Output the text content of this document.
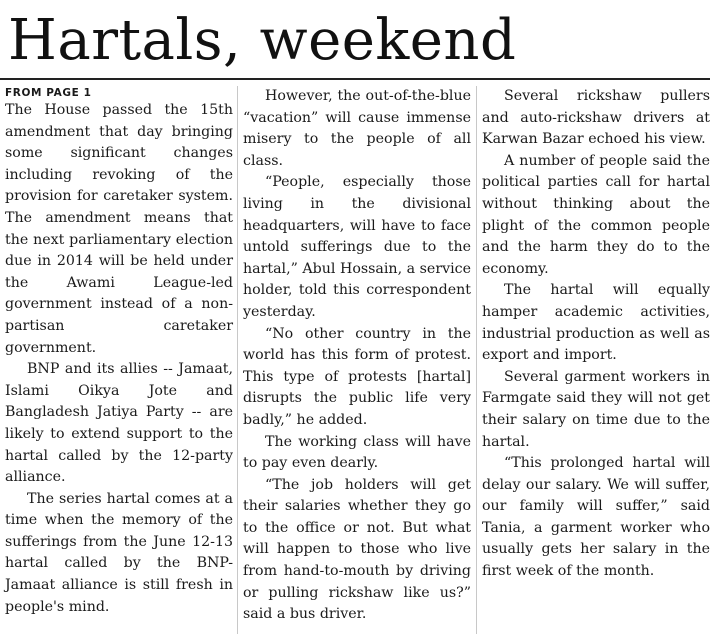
Hartals, weekend
FROM PAGE 1

The House passed the 15th amendment that day bringing some significant changes including revoking of the provision for caretaker system. The amendment means that the next parliamentary election due in 2014 will be held under the Awami League-led government instead of a non-partisan caretaker government.

BNP and its allies -- Jamaat, Islami Oikya Jote and Bangladesh Jatiya Party -- are likely to extend support to the hartal called by the 12-party alliance.

The series hartal comes at a time when the memory of the sufferings from the June 12-13 hartal called by the BNP-Jamaat alliance is still fresh in people's mind.

However, the out-of-the-blue “vacation” will cause immense misery to the people of all class.

“People, especially those living in the divisional headquarters, will have to face untold sufferings due to the hartal,” Abul Hossain, a service holder, told this correspondent yesterday.

“No other country in the world has this form of protest. This type of protests [hartal] disrupts the public life very badly,” he added.

The working class will have to pay even dearly.

“The job holders will get their salaries whether they go to the office or not. But what will happen to those who live from hand-to-mouth by driving or pulling rickshaw like us?” said a bus driver.

Several rickshaw pullers and auto-rickshaw drivers at Karwan Bazar echoed his view.

A number of people said the political parties call for hartal without thinking about the plight of the common people and the harm they do to the economy.

The hartal will equally hamper academic activities, industrial production as well as export and import.

Several garment workers in Farmgate said they will not get their salary on time due to the hartal.

“This prolonged hartal will delay our salary. We will suffer, our family will suffer,” said Tania, a garment worker who usually gets her salary in the first week of the month.
